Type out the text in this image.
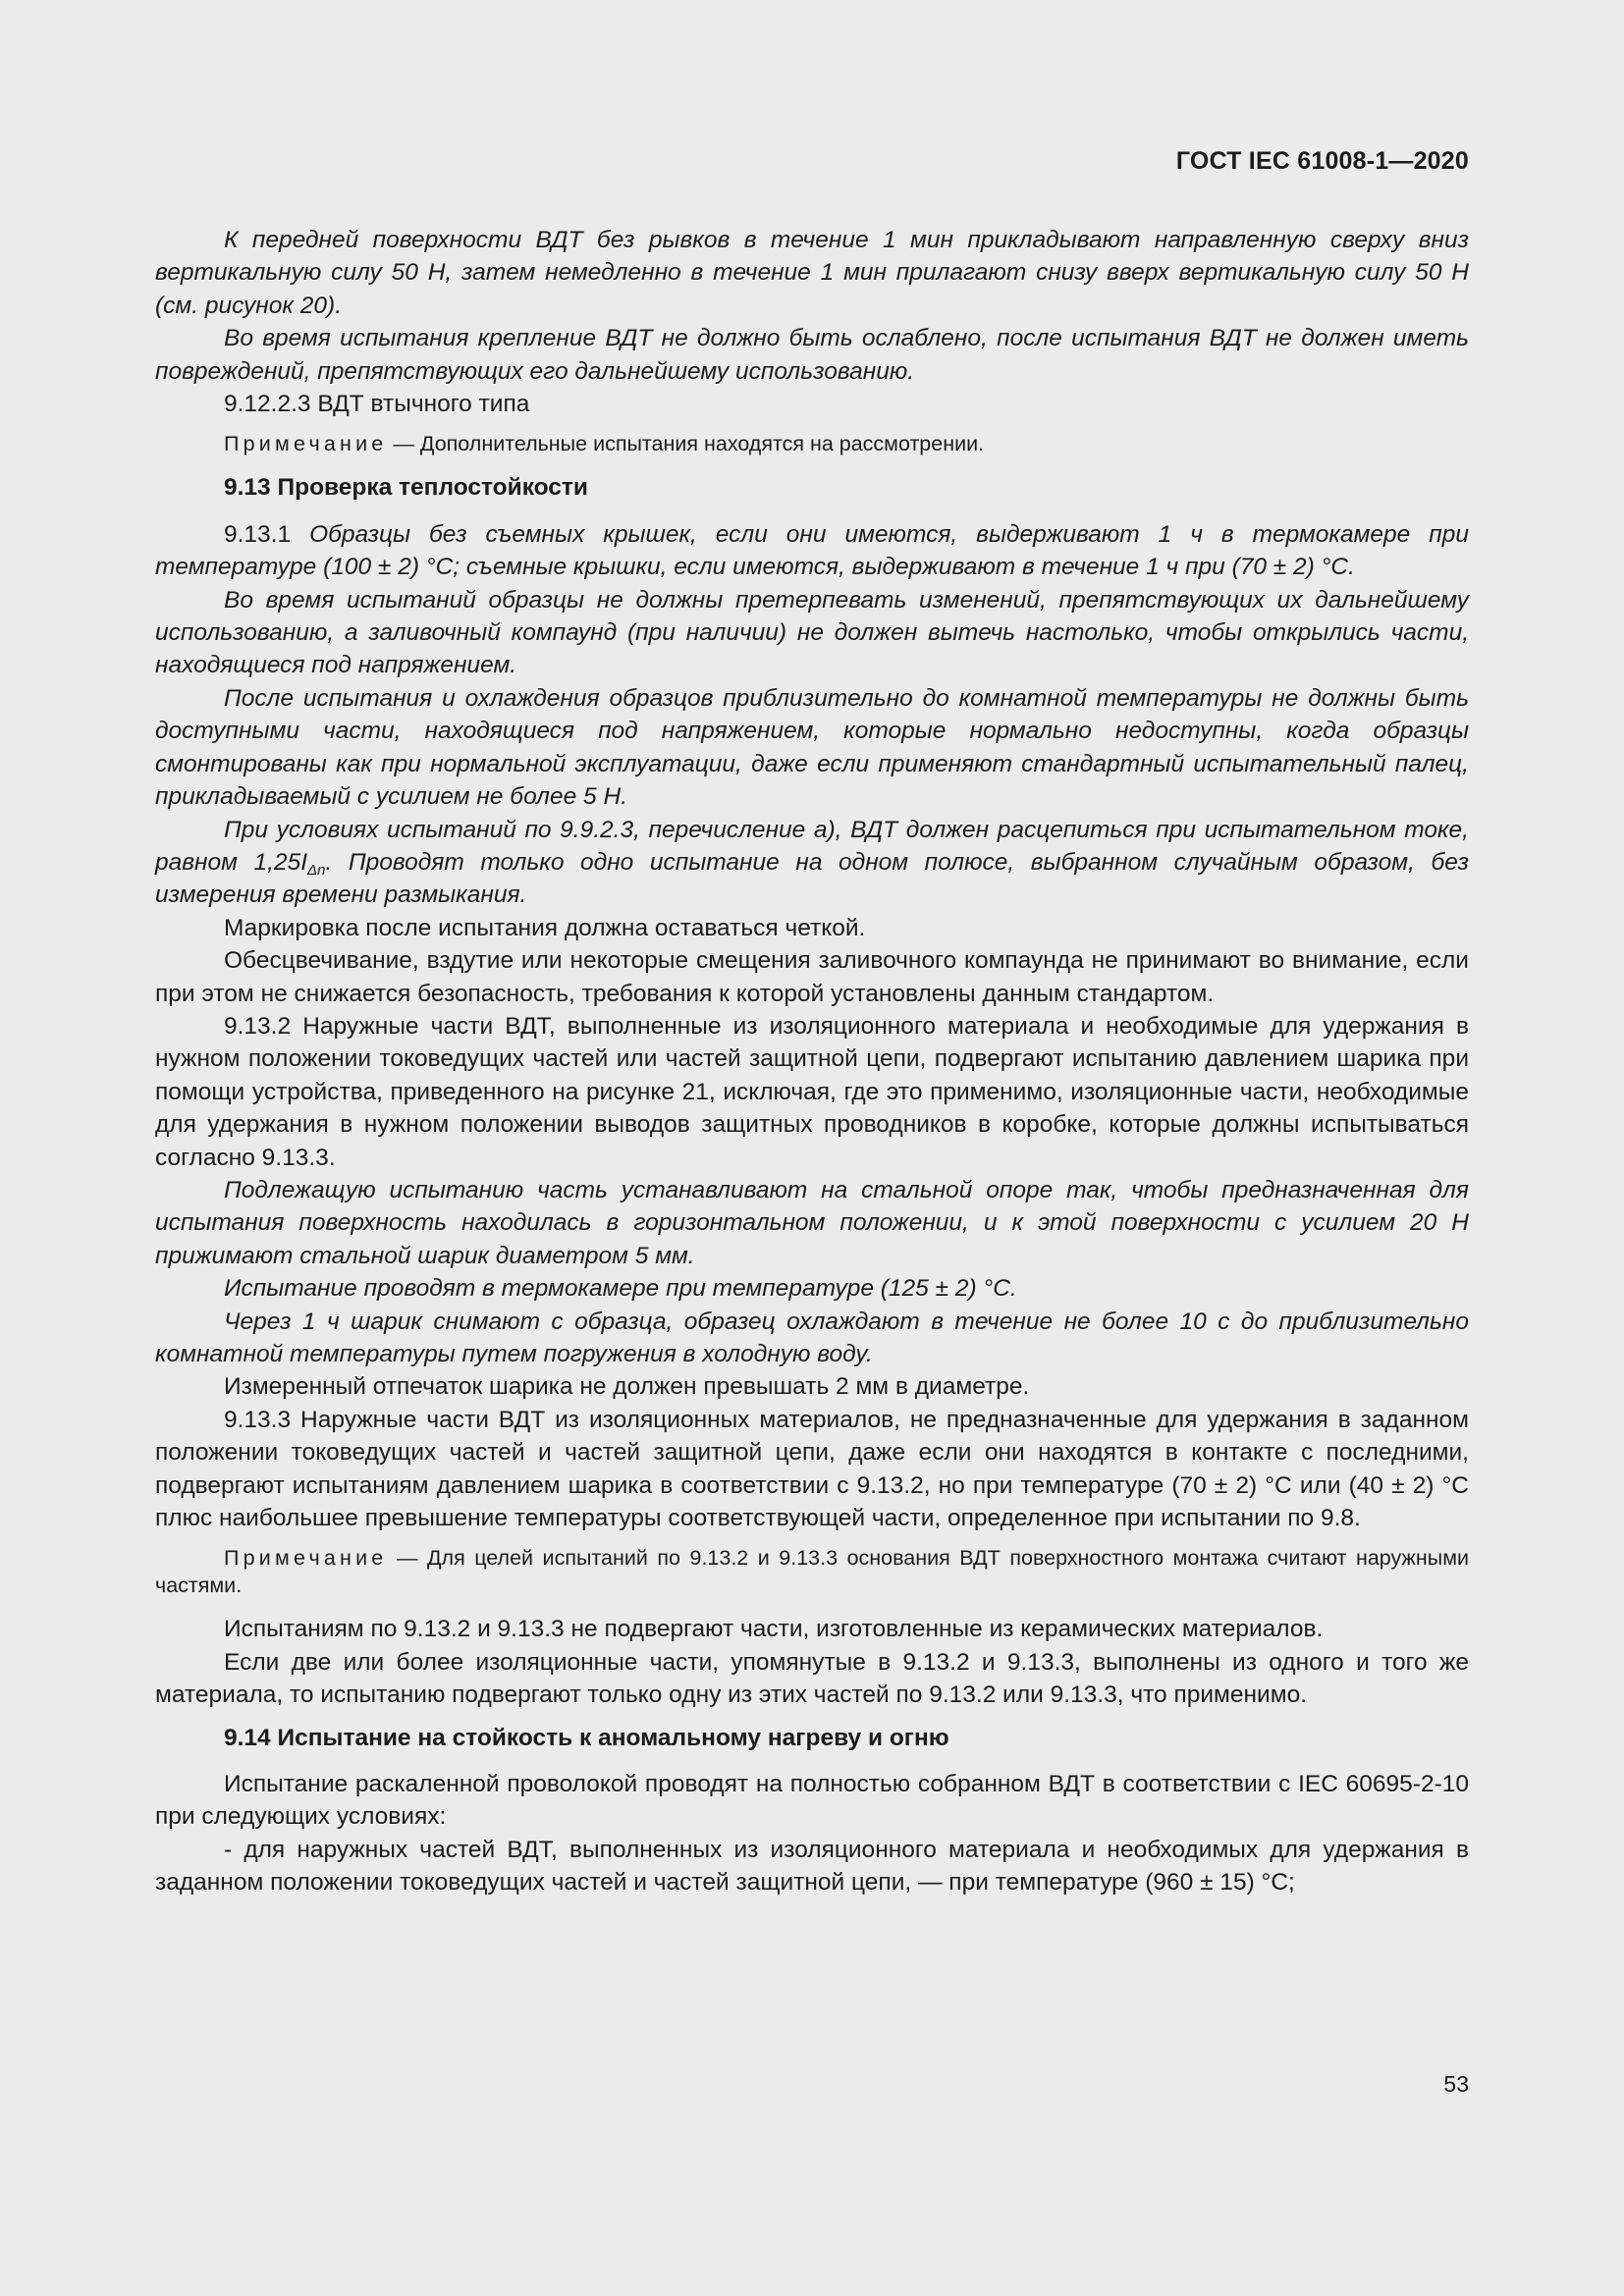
ГОСТ IEC 61008-1—2020

К передней поверхности ВДТ без рывков в течение 1 мин прикладывают направленную сверху вниз вертикальную силу 50 Н, затем немедленно в течение 1 мин прилагают снизу вверх вертикальную силу 50 Н (см. рисунок 20).

Во время испытания крепление ВДТ не должно быть ослаблено, после испытания ВДТ не должен иметь повреждений, препятствующих его дальнейшему использованию.

9.12.2.3 ВДТ втычного типа

Примечание — Дополнительные испытания находятся на рассмотрении.

9.13 Проверка теплостойкости

9.13.1 Образцы без съемных крышек, если они имеются, выдерживают 1 ч в термокамере при температуре (100 ± 2) °C; съемные крышки, если имеются, выдерживают в течение 1 ч при (70 ± 2) °C.

Во время испытаний образцы не должны претерпевать изменений, препятствующих их дальнейшему использованию, а заливочный компаунд (при наличии) не должен вытечь настолько, чтобы открылись части, находящиеся под напряжением.

После испытания и охлаждения образцов приблизительно до комнатной температуры не должны быть доступными части, находящиеся под напряжением, которые нормально недоступны, когда образцы смонтированы как при нормальной эксплуатации, даже если применяют стандартный испытательный палец, прикладываемый с усилием не более 5 Н.

При условиях испытаний по 9.9.2.3, перечисление а), ВДТ должен расцепиться при испытательном токе, равном $1,25I_{\Delta n}$. Проводят только одно испытание на одном полюсе, выбранном случайным образом, без измерения времени размыкания.

Маркировка после испытания должна оставаться четкой.

Обесцвечивание, вздутие или некоторые смещения заливочного компаунда не принимают во внимание, если при этом не снижается безопасность, требования к которой установлены данным стандартом.

9.13.2 Наружные части ВДТ, выполненные из изоляционного материала и необходимые для удержания в нужном положении токоведущих частей или частей защитной цепи, подвергают испытанию давлением шарика при помощи устройства, приведенного на рисунке 21, исключая, где это применимо, изоляционные части, необходимые для удержания в нужном положении выводов защитных проводников в коробке, которые должны испытываться согласно 9.13.3.

Подлежащую испытанию часть устанавливают на стальной опоре так, чтобы предназначенная для испытания поверхность находилась в горизонтальном положении, и к этой поверхности с усилием 20 Н прижимают стальной шарик диаметром 5 мм.

Испытание проводят в термокамере при температуре (125 ± 2) °C.

Через 1 ч шарик снимают с образца, образец охлаждают в течение не более 10 с до приблизительно комнатной температуры путем погружения в холодную воду.

Измеренный отпечаток шарика не должен превышать 2 мм в диаметре.

9.13.3 Наружные части ВДТ из изоляционных материалов, не предназначенные для удержания в заданном положении токоведущих частей и частей защитной цепи, даже если они находятся в контакте с последними, подвергают испытаниям давлением шарика в соответствии с 9.13.2, но при температуре (70 ± 2) °C или (40 ± 2) °C плюс наибольшее превышение температуры соответствующей части, определенное при испытании по 9.8.

Примечание — Для целей испытаний по 9.13.2 и 9.13.3 основания ВДТ поверхностного монтажа считают наружными частями.

Испытаниям по 9.13.2 и 9.13.3 не подвергают части, изготовленные из керамических материалов.

Если две или более изоляционные части, упомянутые в 9.13.2 и 9.13.3, выполнены из одного и того же материала, то испытанию подвергают только одну из этих частей по 9.13.2 или 9.13.3, что применимо.

9.14 Испытание на стойкость к аномальному нагреву и огню

Испытание раскаленной проволокой проводят на полностью собранном ВДТ в соответствии с IEC 60695-2-10 при следующих условиях:

- для наружных частей ВДТ, выполненных из изоляционного материала и необходимых для удержания в заданном положении токоведущих частей и частей защитной цепи, — при температуре (960 ± 15) °C;

53
